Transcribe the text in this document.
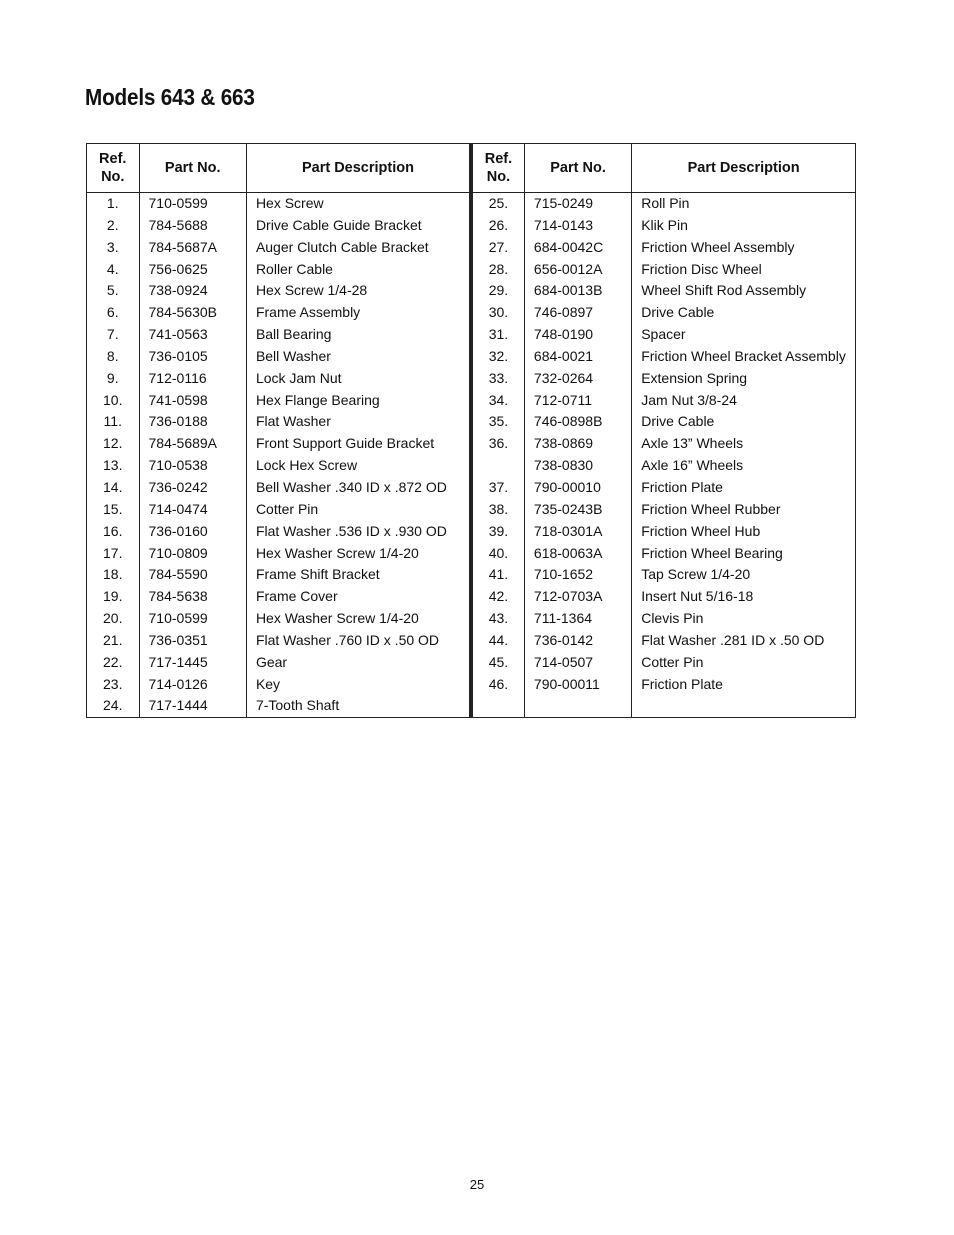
Models 643 & 663
Ref.
No.	Part No.	Part Description
1.	710-0599	Hex Screw
2.	784-5688	Drive Cable Guide Bracket
3.	784-5687A	Auger Clutch Cable Bracket
4.	756-0625	Roller Cable
5.	738-0924	Hex Screw 1/4-28
6.	784-5630B	Frame Assembly
7.	741-0563	Ball Bearing
8.	736-0105	Bell Washer
9.	712-0116	Lock Jam Nut
10.	741-0598	Hex Flange Bearing
11.	736-0188	Flat Washer
12.	784-5689A	Front Support Guide Bracket
13.	710-0538	Lock Hex Screw
14.	736-0242	Bell Washer .340 ID x .872 OD
15.	714-0474	Cotter Pin
16.	736-0160	Flat Washer .536 ID x .930 OD
17.	710-0809	Hex Washer Screw 1/4-20
18.	784-5590	Frame Shift Bracket
19.	784-5638	Frame Cover
20.	710-0599	Hex Washer Screw 1/4-20
21.	736-0351	Flat Washer .760 ID x .50 OD
22.	717-1445	Gear
23.	714-0126	Key
24.	717-1444	7-Tooth Shaft
Ref.
No.	Part No.	Part Description
25.	715-0249	Roll Pin
26.	714-0143	Klik Pin
27.	684-0042C	Friction Wheel Assembly
28.	656-0012A	Friction Disc Wheel
29.	684-0013B	Wheel Shift Rod Assembly
30.	746-0897	Drive Cable
31.	748-0190	Spacer
32.	684-0021	Friction Wheel Bracket Assembly
33.	732-0264	Extension Spring
34.	712-0711	Jam Nut 3/8-24
35.	746-0898B	Drive Cable
36.	738-0869	Axle 13” Wheels
	738-0830	Axle 16” Wheels
37.	790-00010	Friction Plate
38.	735-0243B	Friction Wheel Rubber
39.	718-0301A	Friction Wheel Hub
40.	618-0063A	Friction Wheel Bearing
41.	710-1652	Tap Screw 1/4-20
42.	712-0703A	Insert Nut 5/16-18
43.	711-1364	Clevis Pin
44.	736-0142	Flat Washer .281 ID x .50 OD
45.	714-0507	Cotter Pin
46.	790-00011	Friction Plate

25
